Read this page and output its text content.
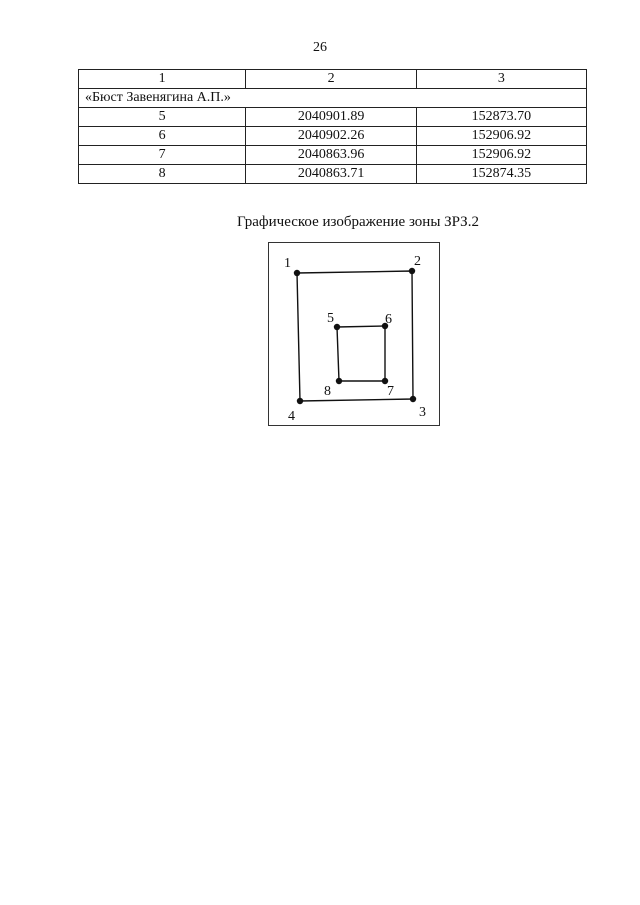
26
1	2	3
«Бюст Завенягина А.П.»		
5	2040901.89	152873.70
6	2040902.26	152906.92
7	2040863.96	152906.92
8	2040863.71	152874.35
Графическое изображение зоны ЗРЗ.2
1	2
3
4
5	6
7
8
